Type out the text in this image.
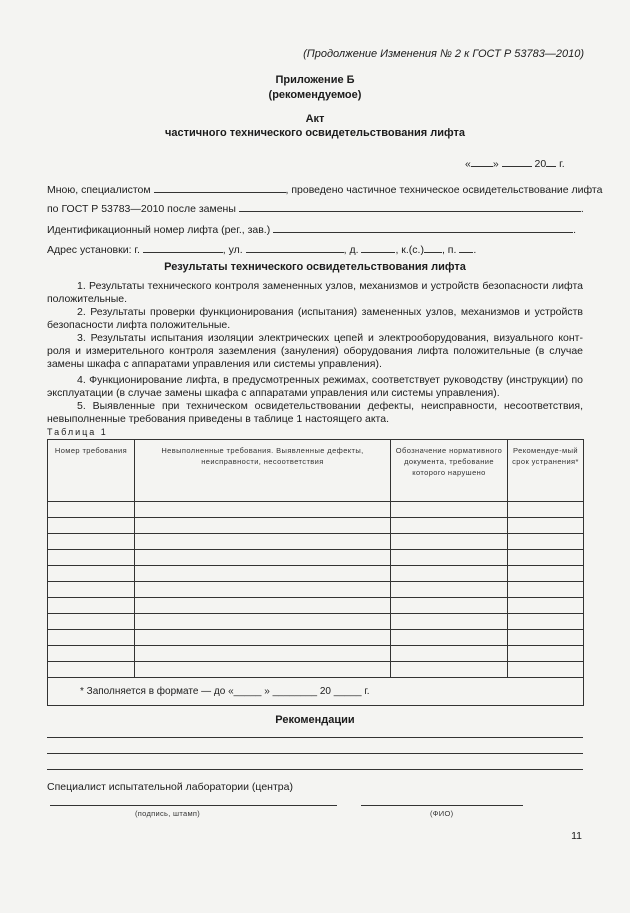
(Продолжение Изменения № 2 к ГОСТ Р 53783—2010)
Приложение Б
(рекомендуемое)
Акт
частичного технического освидетельствования лифта
« »	20 г.
Мною, специалистом	, проведено частичное техническое освидетельствование лифта
по ГОСТ Р 53783—2010 после замены	.
Идентификационный номер лифта (рег., зав.)	.
Адрес установки: г.	, ул.	, д.	, к.(с.) , п. .
Результаты технического освидетельствования лифта
1. Результаты технического контроля замененных узлов, механизмов и устройств безопасности лифта положительные.
2. Результаты проверки функционирования (испытания) замененных узлов, механизмов и устройств безопасности лифта положительные.
3. Результаты испытания изоляции электрических цепей и электрооборудования, визуального конт-роля и измерительного контроля заземления (зануления) оборудования лифта положительные (в случае замены шкафа с аппаратами управления или системы управления).
4. Функционирование лифта, в предусмотренных режимах, соответствует руководству (инструкции) по эксплуатации (в случае замены шкафа с аппаратами управления или системы управления).
5. Выявленные при техническом освидетельствовании дефекты, неисправности, несоответствия, невыполненные требования приведены в таблице 1 настоящего акта.
Таблица 1
Номер требования	Невыполненные требования. Выявленные дефекты, неисправности, несоответствия	Обозначение нормативного документа, требование которого нарушено	Рекомендуе-мый срок устранения*

* Заполняется в формате — до «_____ » ________ 20 _____ г.			
Рекомендации
Специалист испытательной лаборатории (центра)
(подпись, штамп)	(ФИО)
11
